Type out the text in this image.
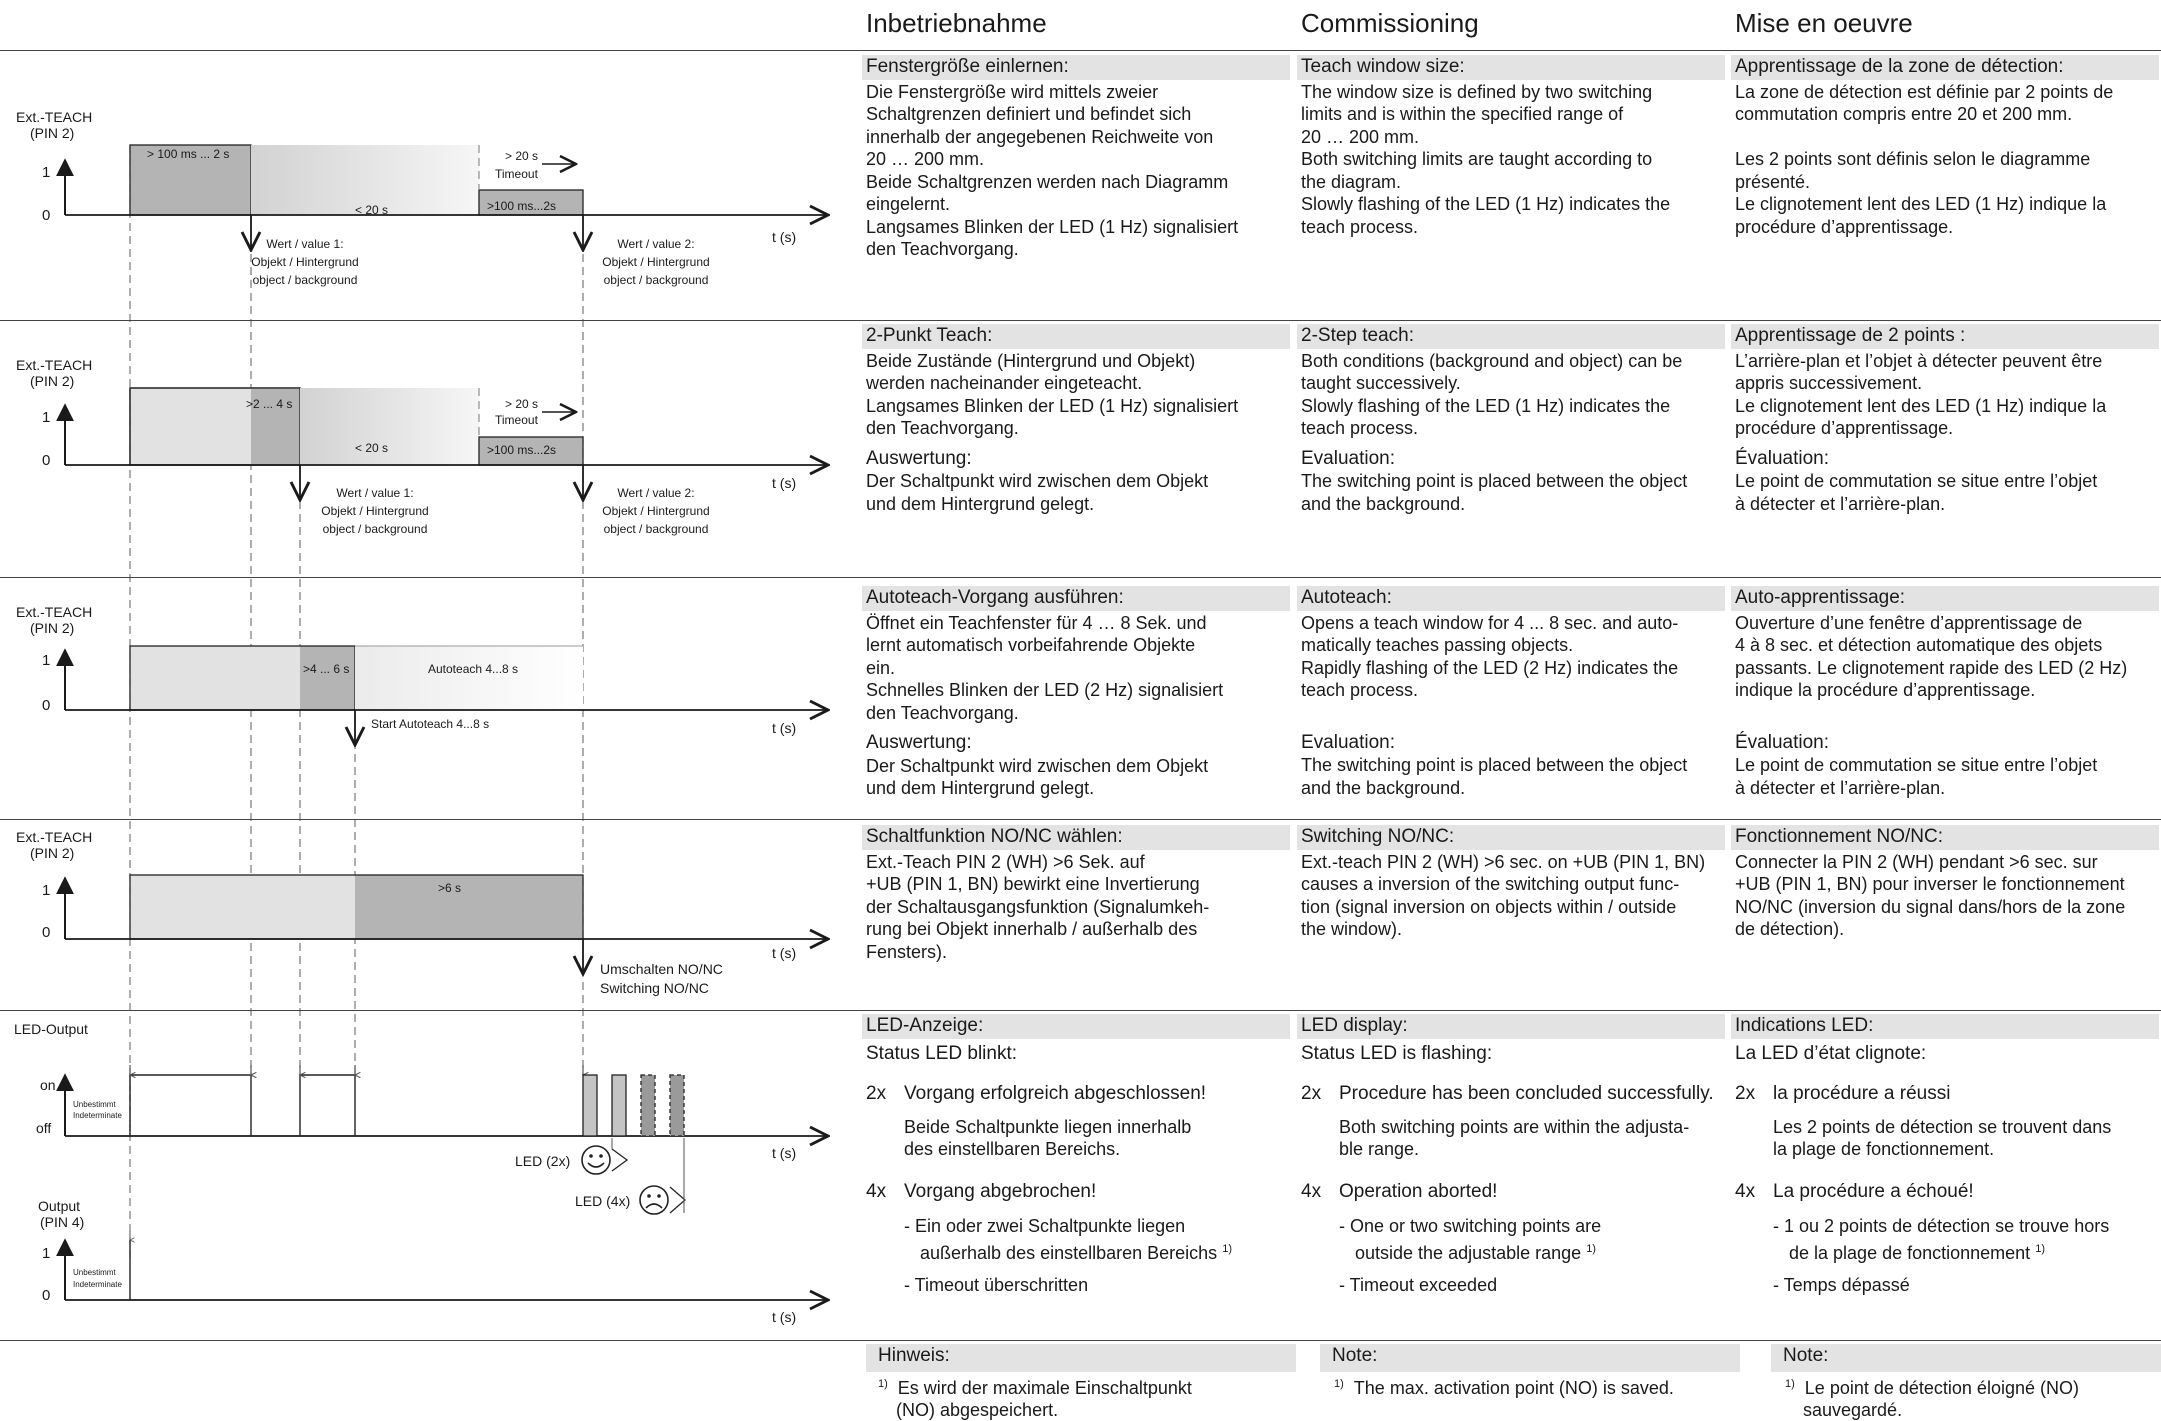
Ext.-TEACH
(PIN 2)
1
0
> 100 ms ... 2 s
< 20 s
> 20 s
Timeout
>100 ms...2s
Wert / value 1:
Objekt / Hintergrund
object / background
Wert / value 2:
Objekt / Hintergrund
object / background
t (s)
Ext.-TEACH
(PIN 2)
1
0
>2 ... 4 s
< 20 s
> 20 s
Timeout
>100 ms...2s
Wert / value 1:
Objekt / Hintergrund
object / background
Wert / value 2:
Objekt / Hintergrund
object / background
t (s)
Ext.-TEACH
(PIN 2)
1
0
>4 ... 6 s	Autoteach 4...8 s
Start Autoteach 4...8 s	t (s)
Ext.-TEACH
(PIN 2)
1
0
>6 s
Umschalten NO/NC
Switching NO/NC
t (s)
LED-Output
on
off
Unbestimmt
Indeterminate
t (s)
LED (2x)
LED (4x)
Output
(PIN 4)
1
0
Unbestimmt
Indeterminate
t (s)
Inbetriebnahme	Commissioning	Mise en oeuvre
Fenstergröße einlernen:

Die Fenstergröße wird mittels zweier

Schaltgrenzen definiert und befindet sich

innerhalb der angegebenen Reichweite von

20 … 200 mm.

Beide Schaltgrenzen werden nach Diagramm

eingelernt.

Langsames Blinken der LED (1 Hz) signalisiert

den Teachvorgang.

Teach window size:

The window size is defined by two switching

limits and is within the specified range of

20 … 200 mm.

Both switching limits are taught according to

the diagram.

Slowly flashing of the LED (1 Hz) indicates the

teach process.

Apprentissage de la zone de détection:

La zone de détection est définie par 2 points de

commutation compris entre 20 et 200 mm.

Les 2 points sont définis selon le diagramme

présenté.

Le clignotement lent des LED (1 Hz) indique la

procédure d’apprentissage.

2-Punkt Teach:

Beide Zustände (Hintergrund und Objekt)

werden nacheinander eingeteacht.

Langsames Blinken der LED (1 Hz) signalisiert

den Teachvorgang.

Auswertung:

Der Schaltpunkt wird zwischen dem Objekt

und dem Hintergrund gelegt.

2-Step teach:

Both conditions (background and object) can be

taught successively.

Slowly flashing of the LED (1 Hz) indicates the

teach process.

Evaluation:

The switching point is placed between the object

and the background.

Apprentissage de 2 points :

L’arrière-plan et l’objet à détecter peuvent être

appris successivement.

Le clignotement lent des LED (1 Hz) indique la

procédure d’apprentissage.

Évaluation:

Le point de commutation se situe entre l’objet

à détecter et l’arrière-plan.

Autoteach-Vorgang ausführen:

Öffnet ein Teachfenster für 4 … 8 Sek. und

lernt automatisch vorbeifahrende Objekte

ein.

Schnelles Blinken der LED (2 Hz) signalisiert

den Teachvorgang.

Auswertung:

Der Schaltpunkt wird zwischen dem Objekt

und dem Hintergrund gelegt.

Autoteach:

Opens a teach window for 4 ... 8 sec. and auto-

matically teaches passing objects.

Rapidly flashing of the LED (2 Hz) indicates the

teach process.

Evaluation:

The switching point is placed between the object

and the background.

Auto-apprentissage:

Ouverture d’une fenêtre d’apprentissage de

4 à 8 sec. et détection automatique des objets

passants. Le clignotement rapide des LED (2 Hz)

indique la procédure d’apprentissage.

Évaluation:

Le point de commutation se situe entre l’objet

à détecter et l’arrière-plan.

Schaltfunktion NO/NC wählen:

Ext.-Teach PIN 2 (WH) >6 Sek. auf

+UB (PIN 1, BN) bewirkt eine Invertierung

der Schaltausgangsfunktion (Signalumkeh-

rung bei Objekt innerhalb / außerhalb des

Fensters).

Switching NO/NC:

Ext.-teach PIN 2 (WH) >6 sec. on +UB (PIN 1, BN)

causes a inversion of the switching output func-

tion (signal inversion on objects within / outside

the window).

Fonctionnement NO/NC:

Connecter la PIN 2 (WH) pendant >6 sec. sur

+UB (PIN 1, BN) pour inverser le fonctionnement

NO/NC (inversion du signal dans/hors de la zone

de détection).

LED-Anzeige:
Status LED blinkt:
2x Vorgang erfolgreich abgeschlossen!

Beide Schaltpunkte liegen innerhalb

des einstellbaren Bereichs.

4x Vorgang abgebrochen!
- Ein oder zwei Schaltpunkte liegen
außerhalb des einstellbaren Bereichs $^{1)}$
- Timeout überschritten
LED display:
Status LED is flashing:
2x Procedure has been concluded successfully.

Both switching points are within the adjusta-

ble range.

4x Operation aborted!
- One or two switching points are
outside the adjustable range $^{1)}$
- Timeout exceeded
Indications LED:
La LED d’état clignote:
2x la procédure a réussi

Les 2 points de détection se trouvent dans

la plage de fonctionnement.

4x La procédure a échoué!
- 1 ou 2 points de détection se trouve hors
de la plage de fonctionnement $^{1)}$
- Temps dépassé
Hinweis:	Note:	Note:
$^{1)}$ Es wird der maximale Einschaltpunkt
(NO) abgespeichert.
$^{1)}$ The max. activation point (NO) is saved.	$^{1)}$ Le point de détection éloigné (NO)
sauvegardé.
